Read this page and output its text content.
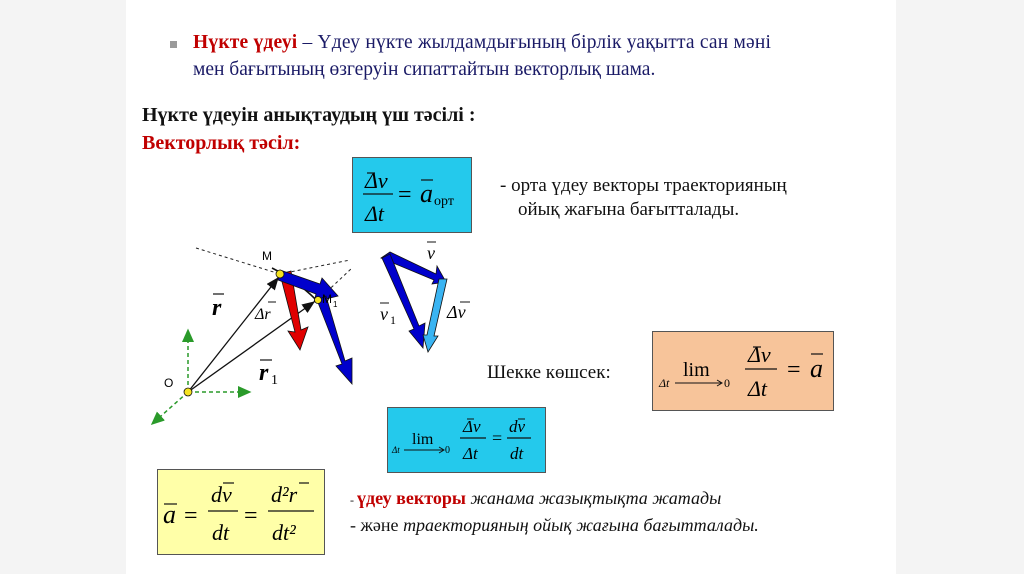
Нүкте үдеуі – Үдеу нүкте жылдамдығының бірлік уақытта сан мәні
мен бағытының өзгеруін сипаттайтын векторлық шама.
Нүкте үдеуін анықтаудың үш тәсілі :
Векторлық тәсіл:
Δv
Δt
= a орт
- орта үдеу векторы траекторияның
ойық жағына бағытталады.
M
M 1
O
r Δr
r 1
v
v 1	Δv
Шекке көшсек:	lim
Δt	0
Δv
Δt
= a
lim
Δt	0
Δv
Δt
=
dv
dt
a =
dv
dt
=
d²r
dt²
- үдеу векторы жанама жазықтықта жатады
- және траекторияның ойық жағына бағытталады.
